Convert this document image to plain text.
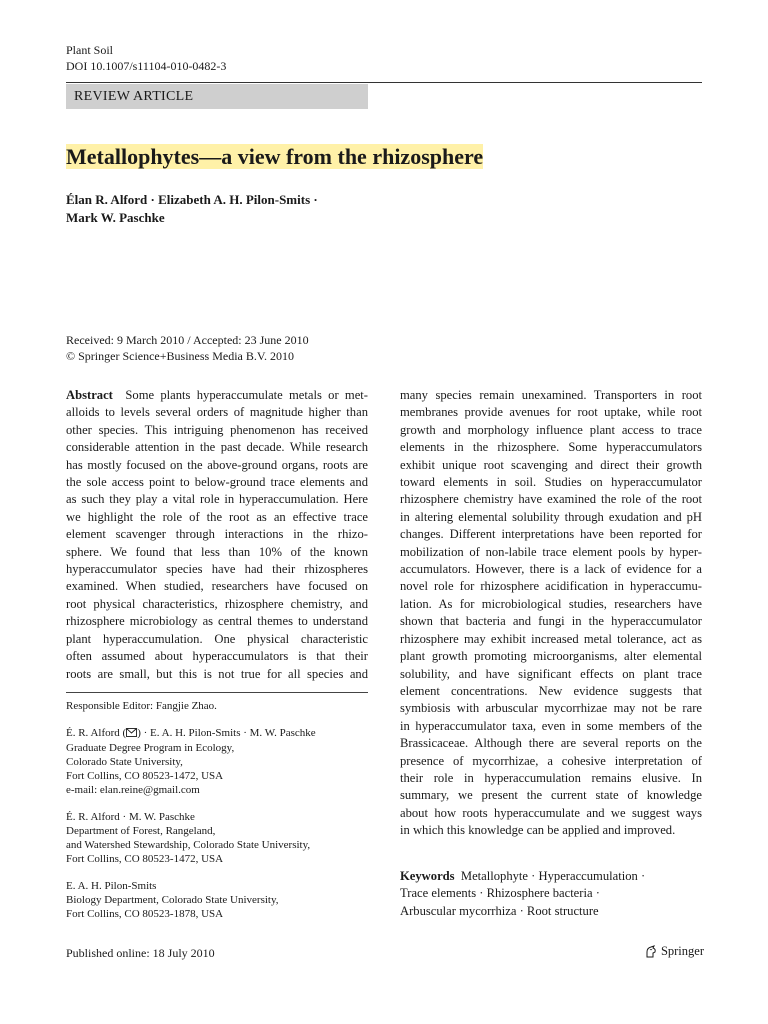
Plant Soil
DOI 10.1007/s11104-010-0482-3
REVIEW ARTICLE
Metallophytes—a view from the rhizosphere
Élan R. Alford · Elizabeth A. H. Pilon-Smits ·
Mark W. Paschke
Received: 9 March 2010 / Accepted: 23 June 2010
© Springer Science+Business Media B.V. 2010
Abstract Some plants hyperaccumulate metals or met-
alloids to levels several orders of magnitude higher than
other species. This intriguing phenomenon has received
considerable attention in the past decade. While research
has mostly focused on the above-ground organs, roots are
the sole access point to below-ground trace elements and
as such they play a vital role in hyperaccumulation. Here
we highlight the role of the root as an effective trace
element scavenger through interactions in the rhizo-
sphere. We found that less than 10% of the known
hyperaccumulator species have had their rhizospheres
examined. When studied, researchers have focused on
root physical characteristics, rhizosphere chemistry, and
rhizosphere microbiology as central themes to understand
plant hyperaccumulation. One physical characteristic
often assumed about hyperaccumulators is that their
roots are small, but this is not true for all species and
Responsible Editor: Fangjie Zhao.

É. R. Alford ( ) · E. A. H. Pilon-Smits · M. W. Paschke

Graduate Degree Program in Ecology,

Colorado State University,

Fort Collins, CO 80523-1472, USA

e-mail: elan.reine@gmail.com

É. R. Alford · M. W. Paschke

Department of Forest, Rangeland,

and Watershed Stewardship, Colorado State University,

Fort Collins, CO 80523-1472, USA

E. A. H. Pilon-Smits

Biology Department, Colorado State University,

Fort Collins, CO 80523-1878, USA

many species remain unexamined. Transporters in root
membranes provide avenues for root uptake, while root
growth and morphology influence plant access to trace
elements in the rhizosphere. Some hyperaccumulators
exhibit unique root scavenging and direct their growth
toward elements in soil. Studies on hyperaccumulator
rhizosphere chemistry have examined the role of the root
in altering elemental solubility through exudation and pH
changes. Different interpretations have been reported for
mobilization of non-labile trace element pools by hyper-
accumulators. However, there is a lack of evidence for a
novel role for rhizosphere acidification in hyperaccumu-
lation. As for microbiological studies, researchers have
shown that bacteria and fungi in the hyperaccumulator
rhizosphere may exhibit increased metal tolerance, act as
plant growth promoting microorganisms, alter elemental
solubility, and have significant effects on plant trace
element concentrations. New evidence suggests that
symbiosis with arbuscular mycorrhizae may not be rare
in hyperaccumulator taxa, even in some members of the
Brassicaceae. Although there are several reports on the
presence of mycorrhizae, a cohesive interpretation of
their role in hyperaccumulation remains elusive. In
summary, we present the current state of knowledge
about how roots hyperaccumulate and we suggest ways
in which this knowledge can be applied and improved.
Keywords Metallophyte · Hyperaccumulation ·
Trace elements · Rhizosphere bacteria ·
Arbuscular mycorrhiza · Root structure
Published online: 18 July 2010	Springer
